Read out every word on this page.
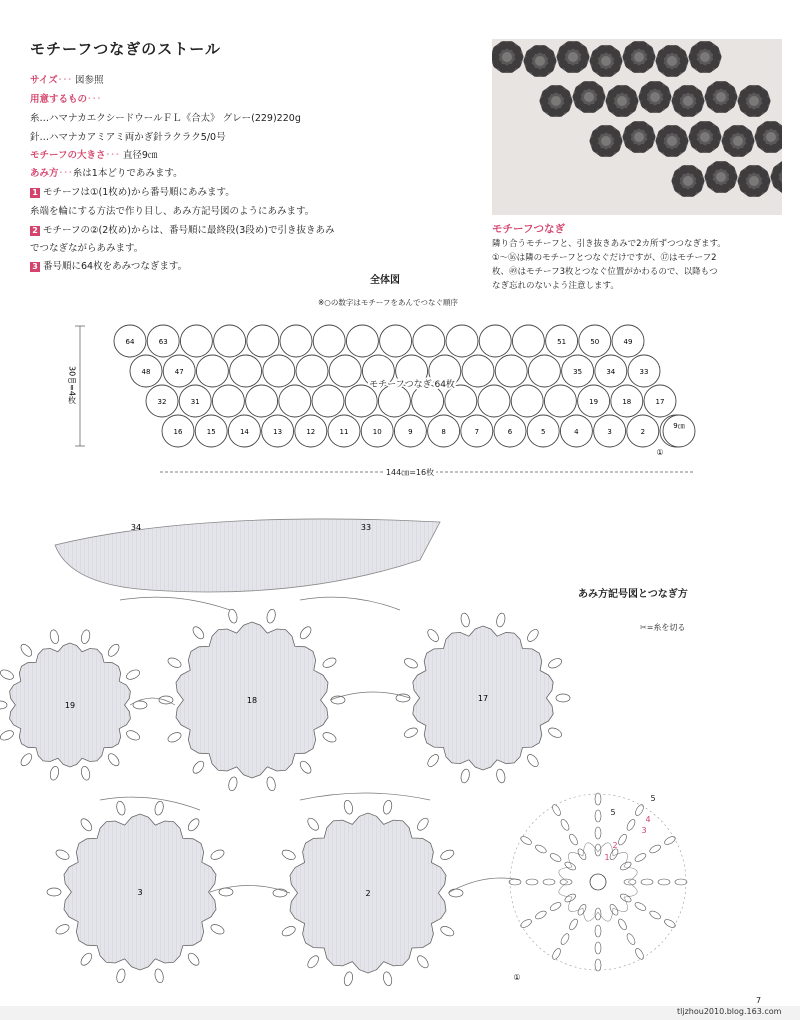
モチーフつなぎのストール
サイズ･･･ 図参照
用意するもの･･･
糸…ハマナカエクシードウールＦＬ《合太》 グレー(229)220g
針…ハマナカアミアミ両かぎ針ラクラク5/0号
モチーフの大きさ･･･ 直径9㎝
あみ方･･･糸は1本どりであみます。
1 モチーフは①(1枚め)から番号順にあみます。
糸端を輪にする方法で作り目し、あみ方記号図のようにあみます。
2 モチーフの②(2枚め)からは、番号順に最終段(3段め)で引き抜きあみ
でつなぎながらあみます。
3 番号順に64枚をあみつなぎます。
モチーフつなぎ
隣り合うモチーフと、引き抜きあみで2カ所ずつつなぎます。
①～⑯は隣のモチーフとつなぐだけですが、⑰はモチーフ2
枚、㊾はモチーフ3枚とつなぐ位置がかわるので、以降もつ
なぎ忘れのないよう注意します。
全体図
※○の数字はモチーフをあんでつなぐ順序
64	63	51	50	49
48	47	35	34	33
32	31	19	18	17
16	15	14	13	12	11	10	9	8	7	6	5	4	3	2
30㎝=4枚
144㎝=16枚
モチーフつなぎ 64枚
9㎝
①
19
18	17
3	2
34	33
①
5
5
4
3
2
1
あみ方記号図とつなぎ方
✂=糸を切る
7
tljzhou2010.blog.163.com
